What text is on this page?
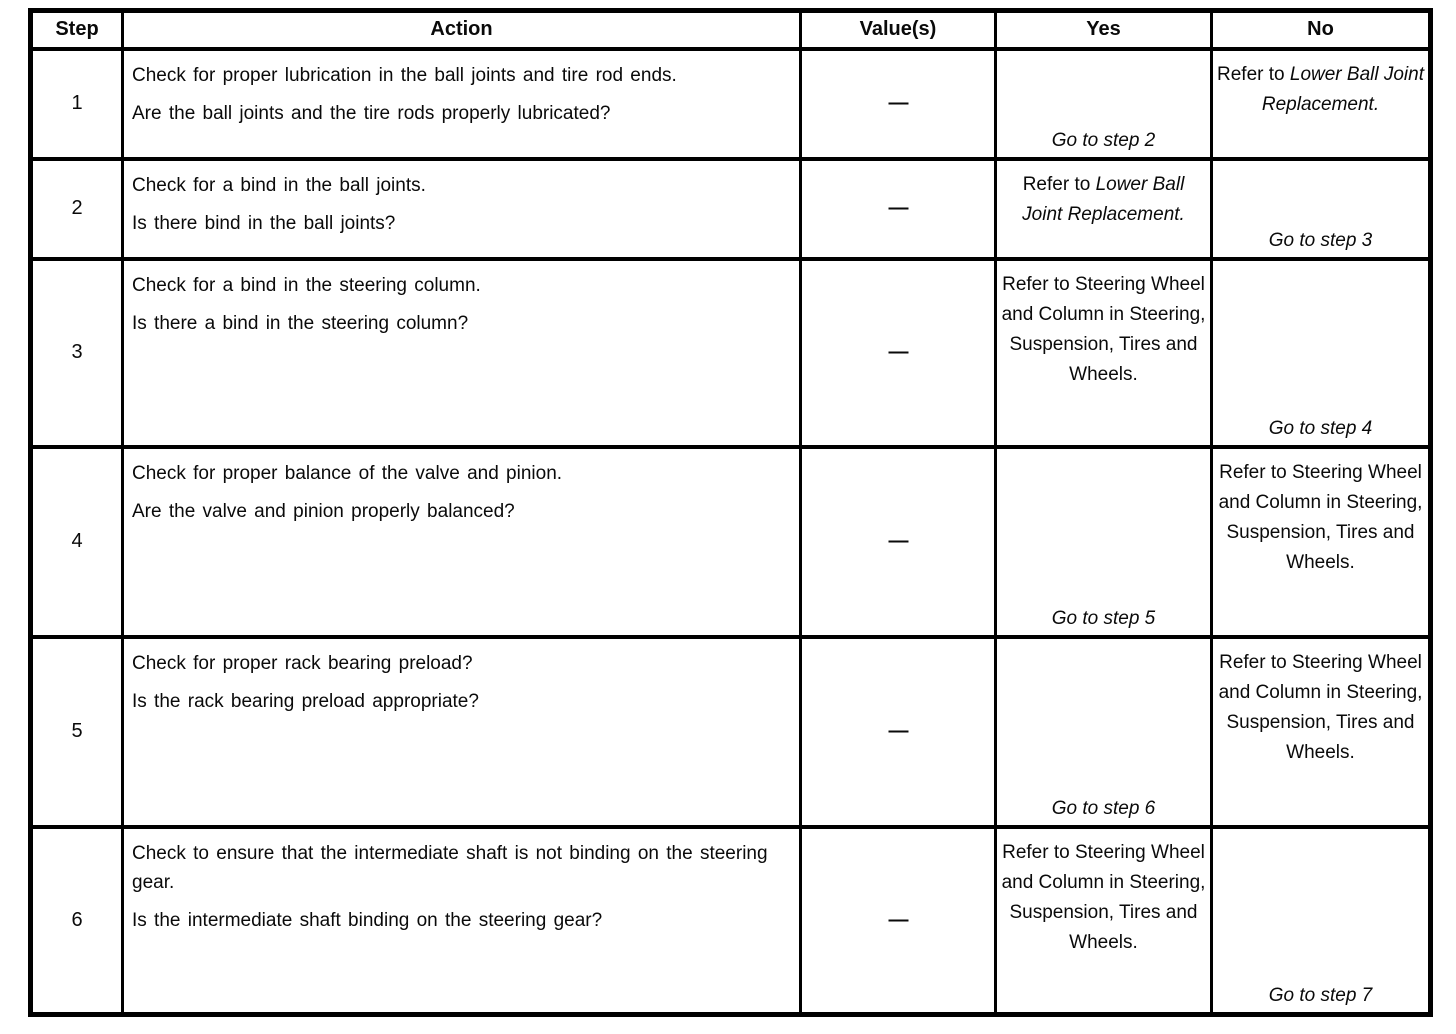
Step	Action	Value(s)	Yes	No
1	Check for proper lubrication in the ball joints and tire rod ends.
Are the ball joints and the tire rods properly lubricated?	—	Go to step 2	Refer to Lower Ball Joint Replacement.

2	Check for a bind in the ball joints.
Is there bind in the ball joints?	—	Refer to Lower Ball Joint Replacement.	Go to step 3

3	Check for a bind in the steering column.
Is there a bind in the steering column?	—	Refer to Steering Wheel and Column in Steering, Suspension, Tires and Wheels.	Go to step 4

4	Check for proper balance of the valve and pinion.
Are the valve and pinion properly balanced?	—	Go to step 5	Refer to Steering Wheel and Column in Steering, Suspension, Tires and Wheels.

5	Check for proper rack bearing preload?
Is the rack bearing preload appropriate?	—	Go to step 6	Refer to Steering Wheel and Column in Steering, Suspension, Tires and Wheels.

6	Check to ensure that the intermediate shaft is not binding on the steering gear.
Is the intermediate shaft binding on the steering gear?	—	Refer to Steering Wheel and Column in Steering, Suspension, Tires and Wheels.	Go to step 7
